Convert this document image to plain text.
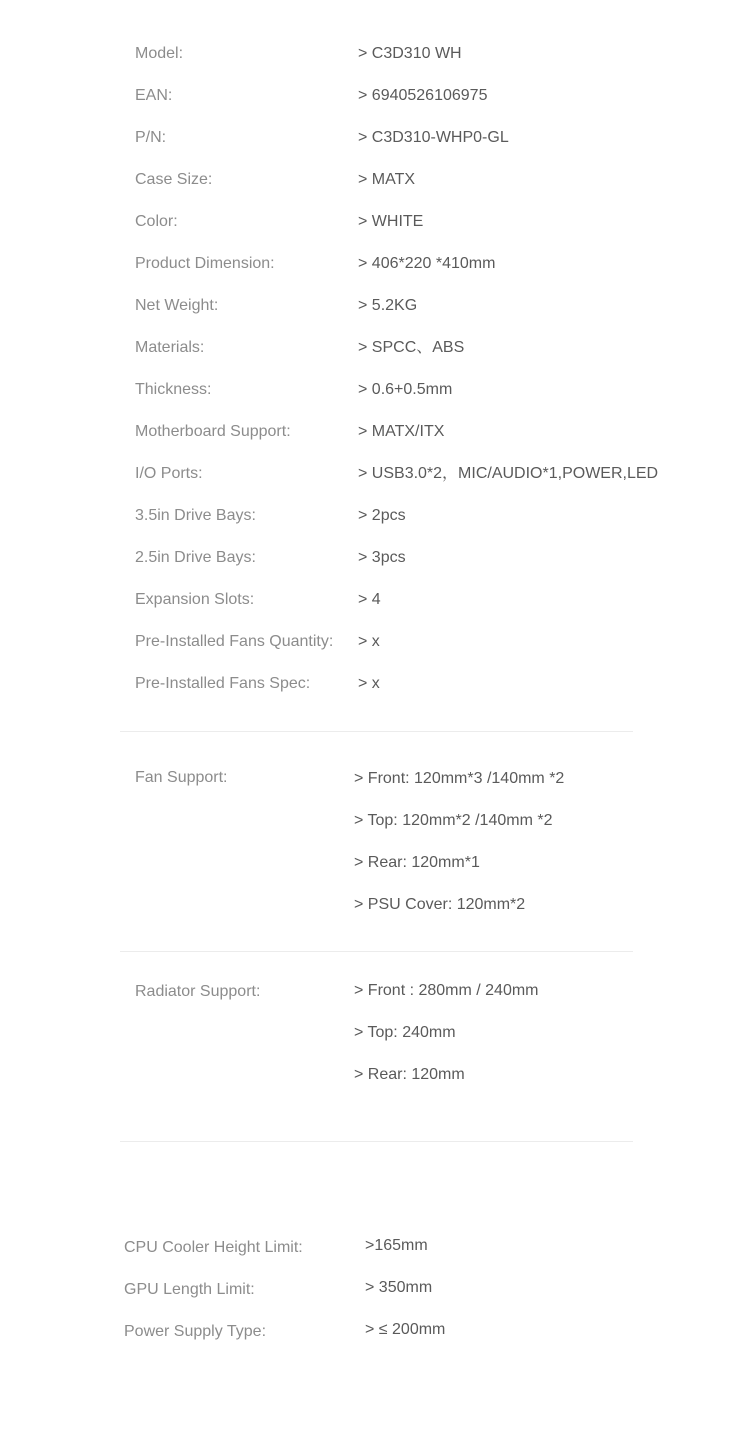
Model:	> C3D310 WH
EAN:	> 6940526106975
P/N:	> C3D310-WHP0-GL
Case Size:	> MATX
Color:	> WHITE
Product Dimension:	> 406*220 *410mm
Net Weight:	> 5.2KG
Materials:	> SPCC、ABS
Thickness:	> 0.6+0.5mm
Motherboard Support:	> MATX/ITX
I/O Ports:	> USB3.0*2，MIC/AUDIO*1,POWER,LED
3.5in Drive Bays:	> 2pcs
2.5in Drive Bays:	> 3pcs
Expansion Slots:	> 4
Pre-Installed Fans Quantity: > x
Pre-Installed Fans Spec:	> x
Fan Support:	> Front: 120mm*3 /140mm *2
> Top: 120mm*2 /140mm *2
> Rear: 120mm*1
> PSU Cover: 120mm*2
Radiator Support:	> Front : 280mm / 240mm
> Top: 240mm
> Rear: 120mm
CPU Cooler Height Limit:	>165mm
GPU Length Limit:	> 350mm
Power Supply Type:	> ≤ 200mm
